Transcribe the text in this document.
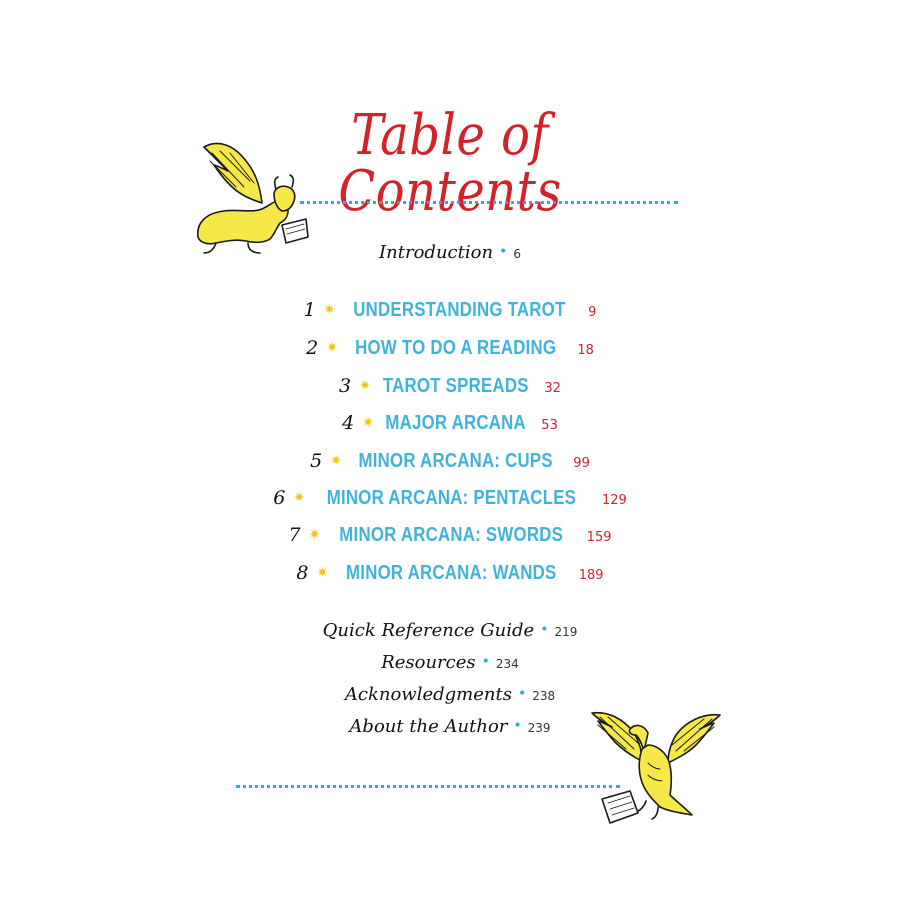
Table of Contents
Introduction • 6
1 ✷ UNDERSTANDING TAROT 9
2 ✷ HOW TO DO A READING 18
3 ✷ TAROT SPREADS 32
4 ✷ MAJOR ARCANA 53
5 ✷ MINOR ARCANA: CUPS 99
6 ✷ MINOR ARCANA: PENTACLES 129
7 ✷ MINOR ARCANA: SWORDS 159
8 ✷ MINOR ARCANA: WANDS 189
Quick Reference Guide • 219
Resources • 234
Acknowledgments • 238
About the Author • 239
